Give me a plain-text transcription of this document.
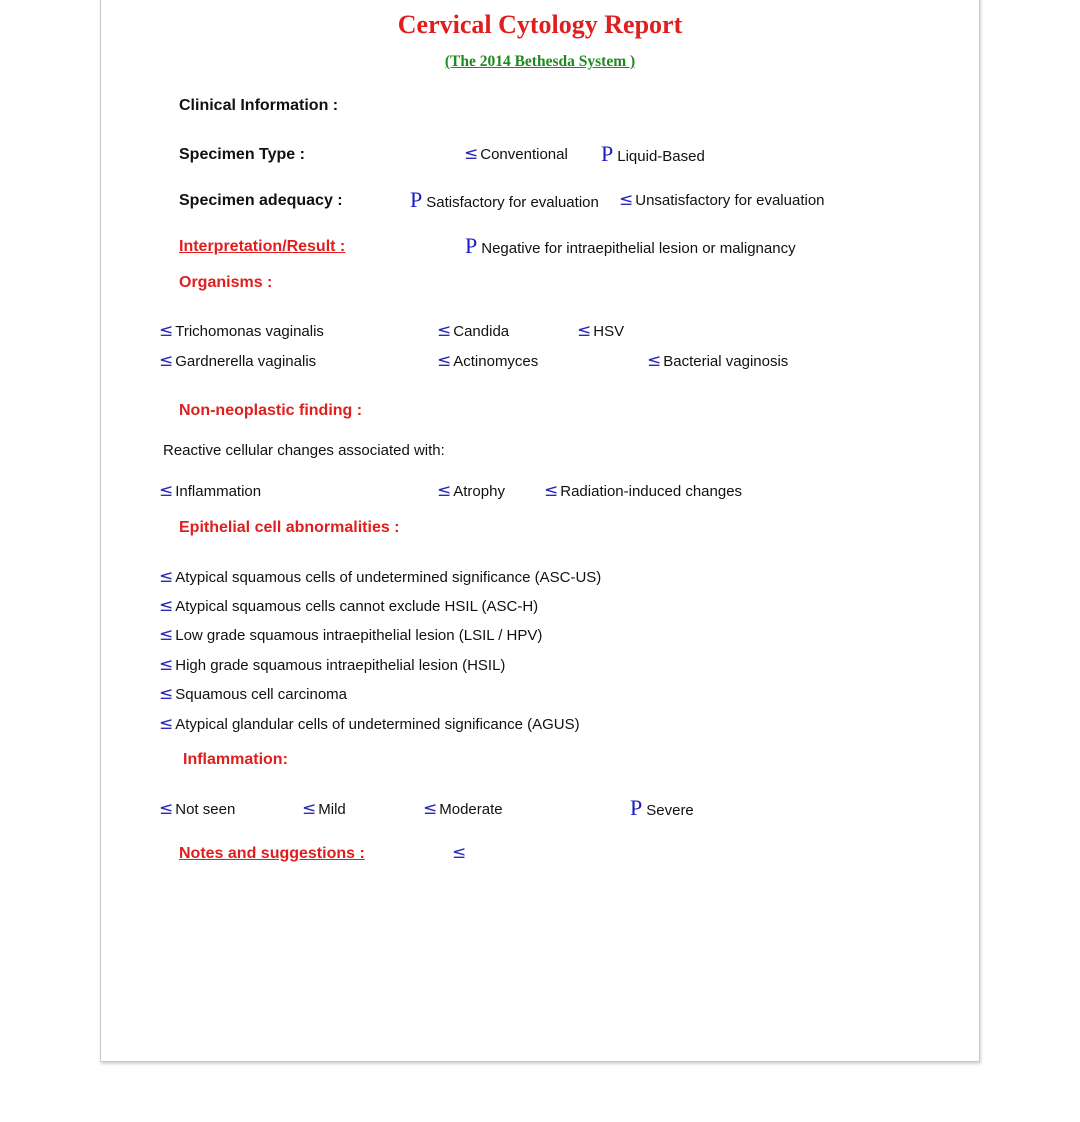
Cervical Cytology Report
(The 2014 Bethesda System )
Clinical Information :
Specimen Type :	≤ Conventional P Liquid-Based
Specimen adequacy :	P Satisfactory for evaluation ≤ Unsatisfactory for evaluation
Interpretation/Result :	P Negative for intraepithelial lesion or malignancy
Organisms :
≤ Trichomonas vaginalis	≤ Candida	≤ HSV
≤ Gardnerella vaginalis	≤ Actinomyces	≤ Bacterial vaginosis
Non-neoplastic finding :
Reactive cellular changes associated with:
≤ Inflammation	≤ Atrophy ≤ Radiation-induced changes
Epithelial cell abnormalities :
≤ Atypical squamous cells of undetermined significance (ASC-US)
≤ Atypical squamous cells cannot exclude HSIL (ASC-H)
≤ Low grade squamous intraepithelial lesion (LSIL / HPV)
≤ High grade squamous intraepithelial lesion (HSIL)
≤ Squamous cell carcinoma
≤ Atypical glandular cells of undetermined significance (AGUS)
Inflammation:
≤ Not seen	≤ Mild	≤ Moderate	P Severe
Notes and suggestions :	≤
